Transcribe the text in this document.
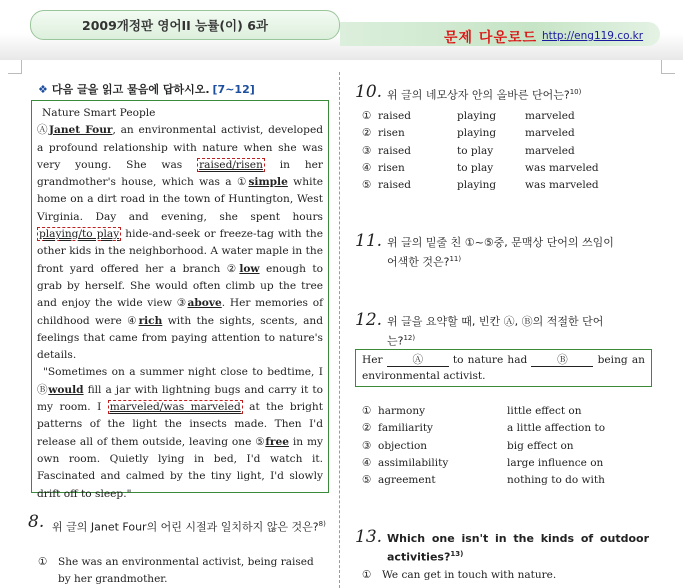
2009개정판 영어II 능률(이) 6과
문제 다운로드 http://eng119.co.kr
❖ 다음 글을 읽고 물음에 답하시오. [7~12]
Nature Smart People

ⒶJanet Four, an environmental activist, developed a profound relationship with nature when she was very young. She was raised/risen in her grandmother's house, which was a ①simple white home on a dirt road in the town of Huntington, West Virginia. Day and evening, she spent hours playing/to play hide-and-seek or freeze-tag with the other kids in the neighborhood. A water maple in the front yard offered her a branch ②low enough to grab by herself. She would often climb up the tree and enjoy the wide view ③above. Her memories of childhood were ④rich with the sights, scents, and feelings that came from paying attention to nature's details.

"Sometimes on a summer night close to bedtime, I Ⓑwould fill a jar with lightning bugs and carry it to my room. I marveled/was marveled at the bright patterns of the light the insects made. Then I'd release all of them outside, leaving one ⑤free in my own room. Quietly lying in bed, I'd watch it. Fascinated and calmed by the tiny light, I'd slowly drift off to sleep."

8. 위 글의 Janet Four의 어린 시절과 일치하지 않은 것은?$^{8)}$
① She was an environmental activist, being raised
by her grandmother.
10. 위 글의 네모상자 안의 올바른 단어는?$^{10)}$
① raised	playing	marveled
② risen	playing	marveled
③ raised	to play	marveled
④ risen	to play	was marveled
⑤ raised	playing	was marveled
11. 위 글의 밑줄 친 ①~⑤중, 문맥상 단어의 쓰임이
어색한 것은?$^{11)}$
12. 위 글을 요약할 때, 빈칸 Ⓐ, Ⓑ의 적절한 단어
는?$^{12)}$
Her	Ⓐ	to nature had	Ⓑ	being an environmental activist.
① harmony	little effect on
② familiarity	a little affection to
③ objection	big effect on
④ assimilability	large influence on
⑤ agreement	nothing to do with
13. Which one isn't in the kinds of outdoor
activities?$^{13)}$
① We can get in touch with nature.
